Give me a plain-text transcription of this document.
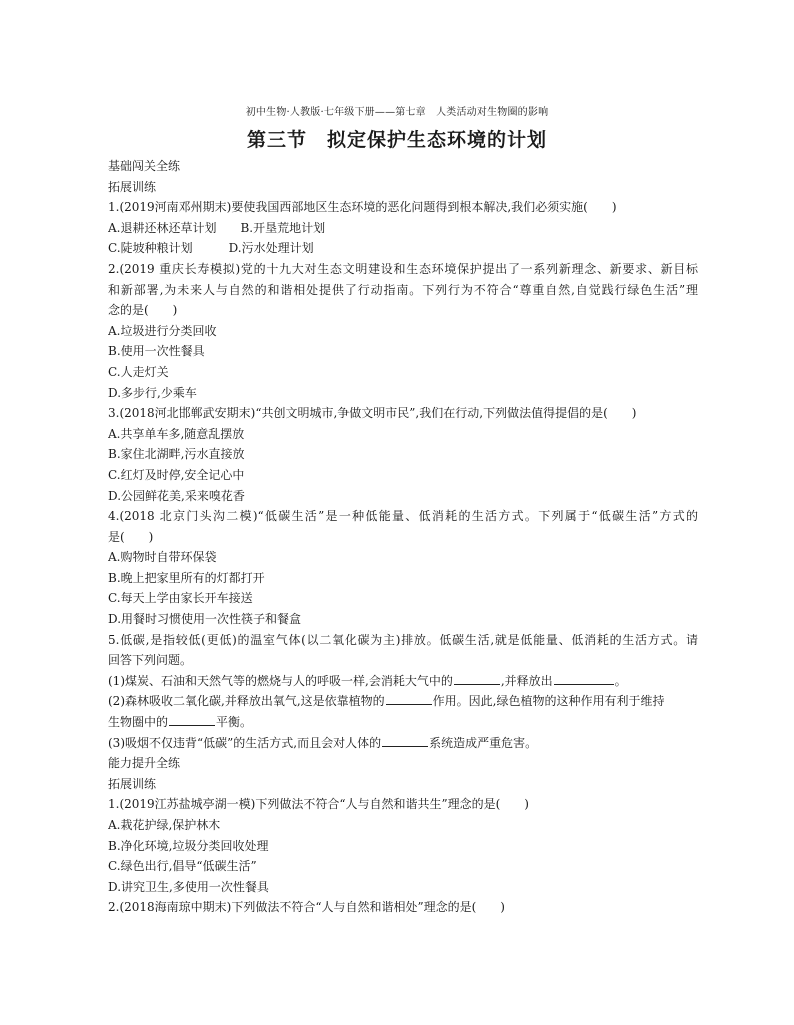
初中生物·人教版·七年级下册——第七章　人类活动对生物圈的影响
第三节　拟定保护生态环境的计划
基础闯关全练
拓展训练
1.(2019河南邓州期末)要使我国西部地区生态环境的恶化问题得到根本解决,我们必须实施(　　)
A.退耕还林还草计划　　B.开垦荒地计划
C.陡坡种粮计划　　　D.污水处理计划
2.(2019 重庆长寿模拟)党的十九大对生态文明建设和生态环境保护提出了一系列新理念、新要求、新目标
和新部署,为未来人与自然的和谐相处提供了行动指南。下列行为不符合“尊重自然,自觉践行绿色生活”理
念的是(　　)
A.垃圾进行分类回收
B.使用一次性餐具
C.人走灯关
D.多步行,少乘车
3.(2018河北邯郸武安期末)“共创文明城市,争做文明市民”,我们在行动,下列做法值得提倡的是(　　)
A.共享单车多,随意乱摆放
B.家住北湖畔,污水直接放
C.红灯及时停,安全记心中
D.公园鲜花美,采来嗅花香
4.(2018 北京门头沟二模)“低碳生活”是一种低能量、低消耗的生活方式。下列属于“低碳生活”方式的
是(　　)
A.购物时自带环保袋
B.晚上把家里所有的灯都打开
C.每天上学由家长开车接送
D.用餐时习惯使用一次性筷子和餐盒
5.低碳,是指较低(更低)的温室气体(以二氧化碳为主)排放。低碳生活,就是低能量、低消耗的生活方式。请
回答下列问题。
(1)煤炭、石油和天然气等的燃烧与人的呼吸一样,会消耗大气中的	,并释放出	。
(2)森林吸收二氧化碳,并释放出氧气,这是依靠植物的	作用。因此,绿色植物的这种作用有利于维持
生物圈中的	平衡。
(3)吸烟不仅违背“低碳”的生活方式,而且会对人体的	系统造成严重危害。
能力提升全练
拓展训练
1.(2019江苏盐城亭湖一模)下列做法不符合“人与自然和谐共生”理念的是(　　)
A.栽花护绿,保护林木
B.净化环境,垃圾分类回收处理
C.绿色出行,倡导“低碳生活”
D.讲究卫生,多使用一次性餐具
2.(2018海南琼中期末)下列做法不符合“人与自然和谐相处”理念的是(　　)
